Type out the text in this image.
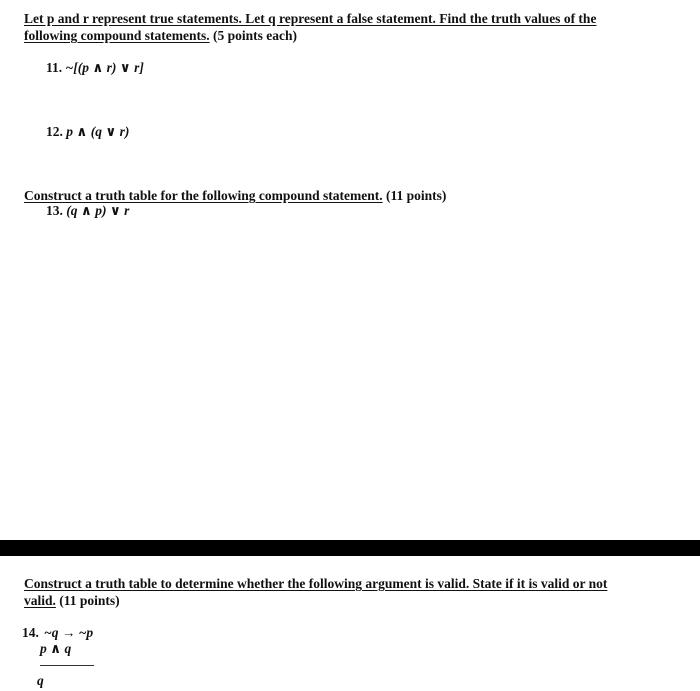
Let p and r represent true statements. Let q represent a false statement. Find the truth values of the
following compound statements. (5 points each)
11. ~[(p ∧ r) ∨ r]
12. p ∧ (q ∨ r)
Construct a truth table for the following compound statement. (11 points)
13. (q ∧ p) ∨ r
Construct a truth table to determine whether the following argument is valid. State if it is valid or not
valid. (11 points)
14. ~q → ~p
p ∧ q
q
